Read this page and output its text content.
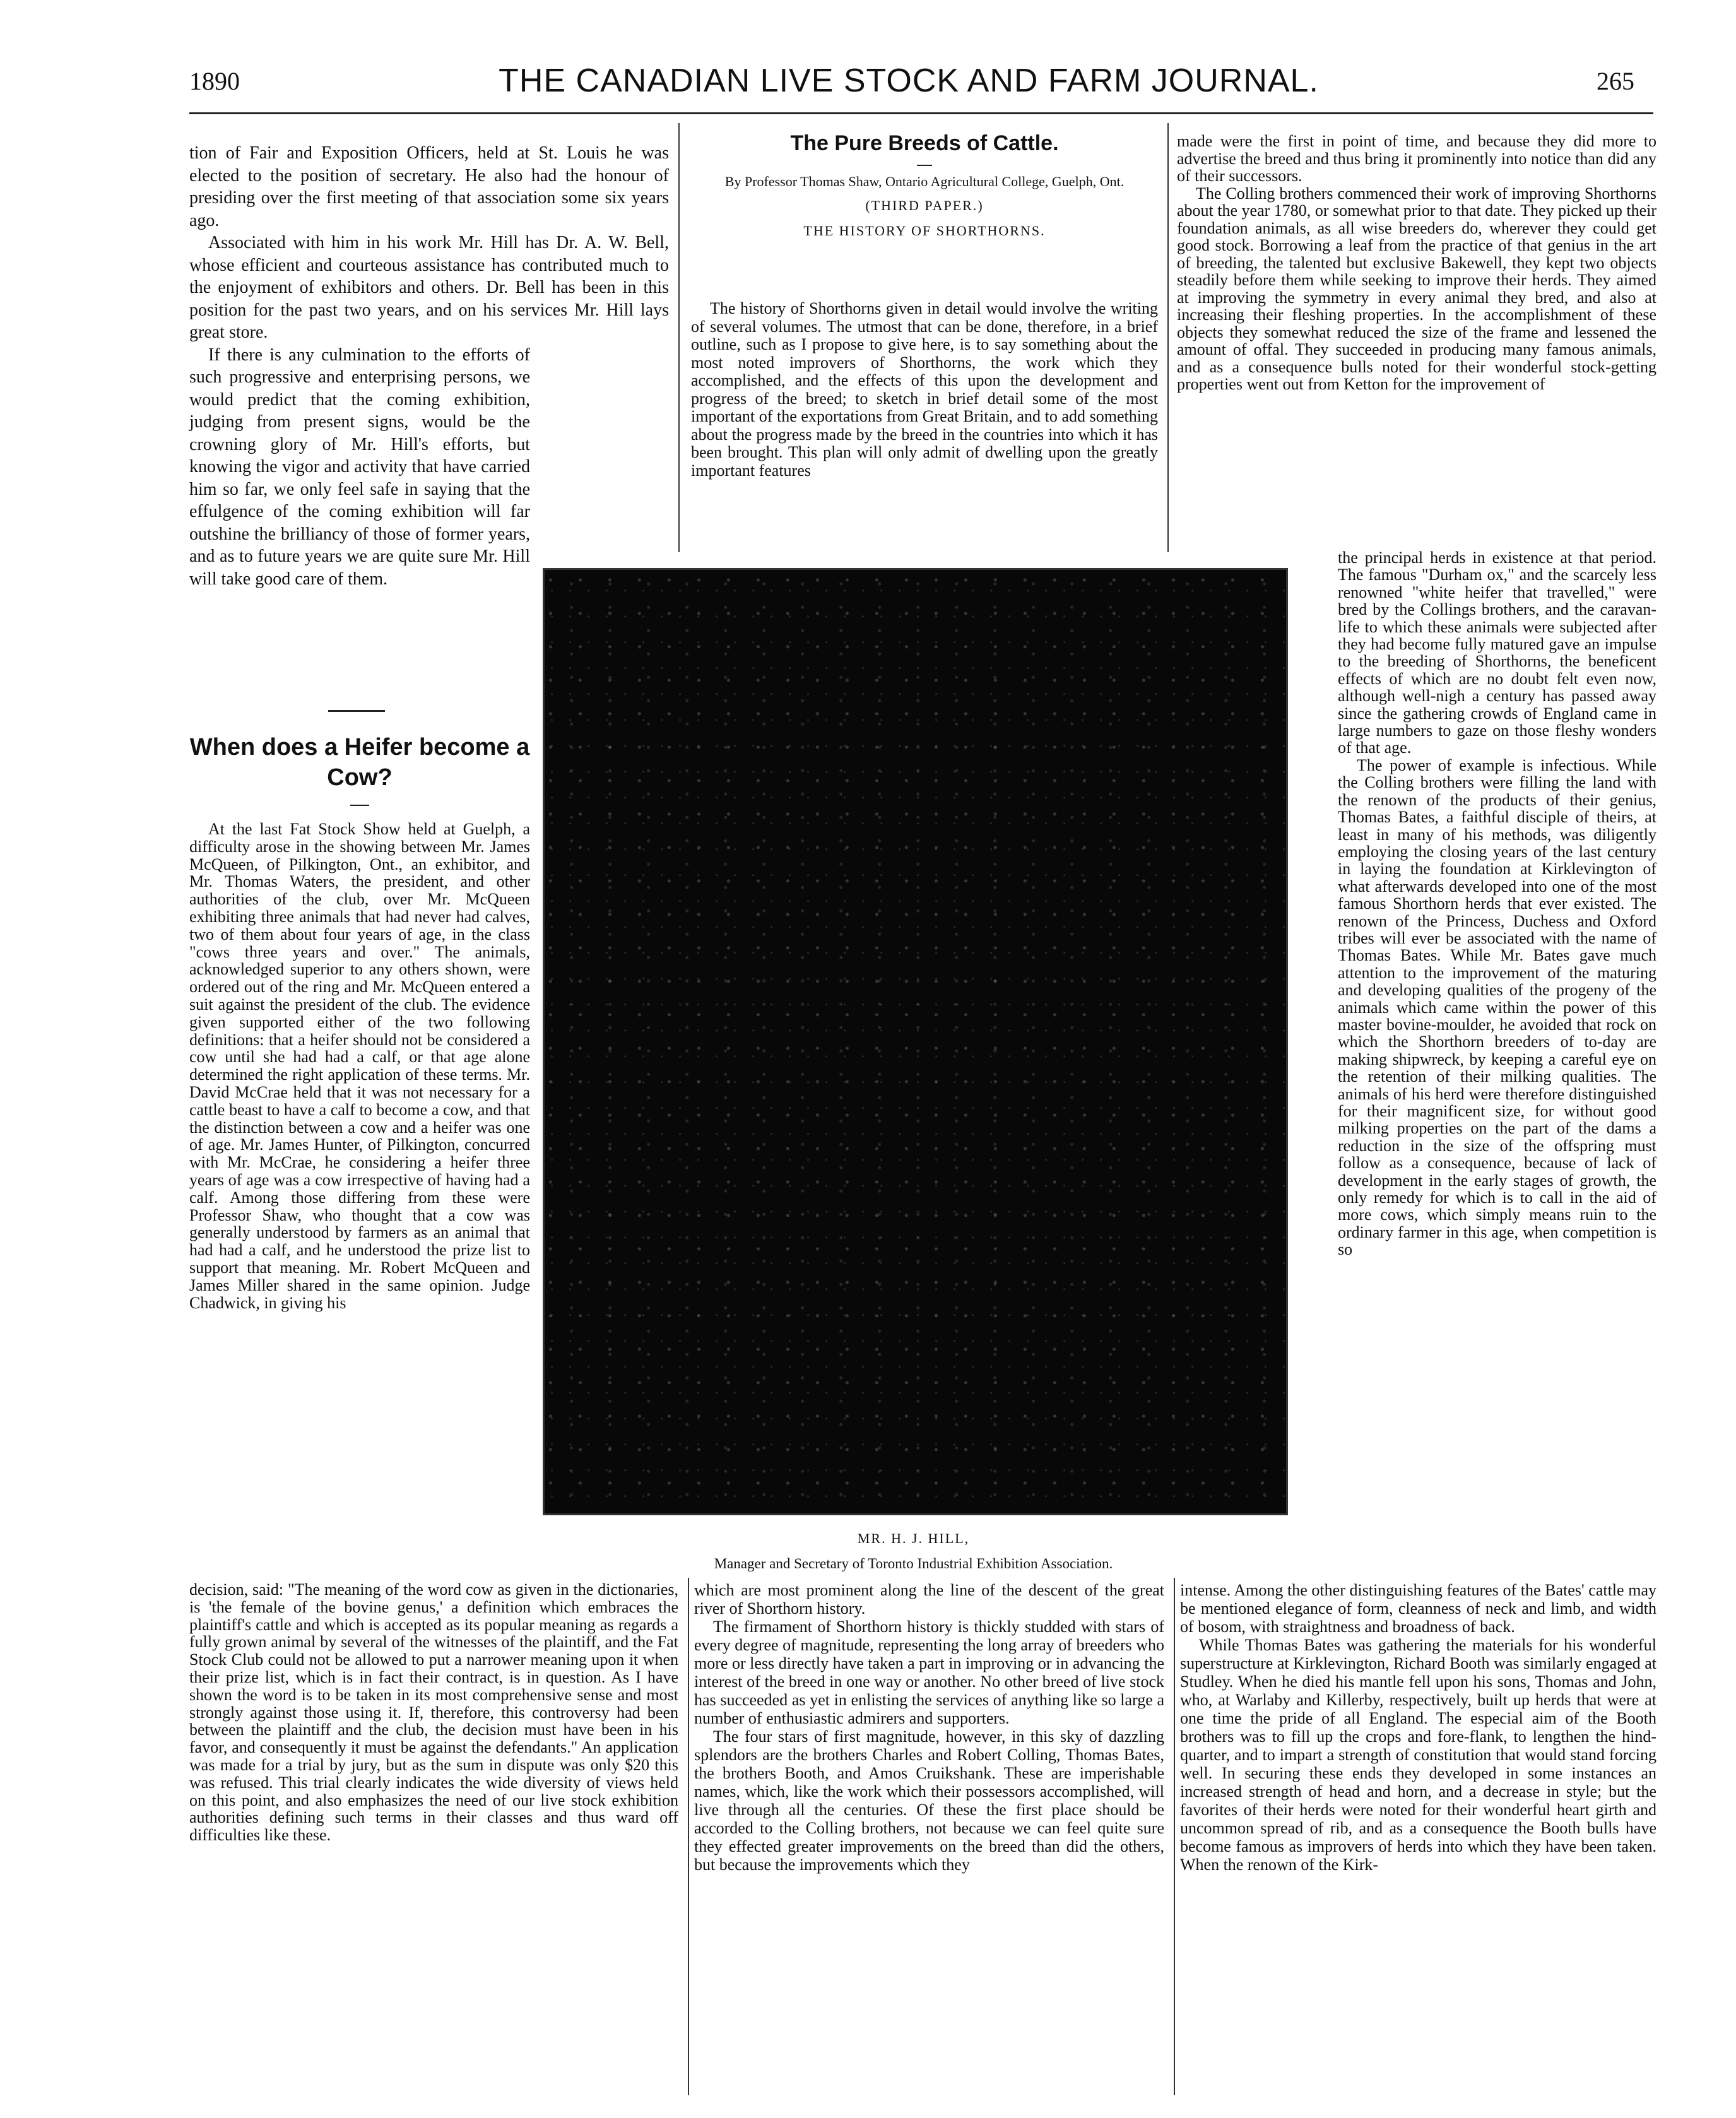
1890	THE CANADIAN LIVE STOCK AND FARM JOURNAL.	265

tion of Fair and Exposition Officers, held at St. Louis he was elected to the position of secretary. He also had the honour of presiding over the first meeting of that association some six years ago.

Associated with him in his work Mr. Hill has Dr. A. W. Bell, whose efficient and courteous assistance has contributed much to the enjoyment of exhibitors and others. Dr. Bell has been in this position for the past two years, and on his services Mr. Hill lays great store.

If there is any culmination to the efforts of such progressive and enterprising persons, we would predict that the coming exhibition, judging from present signs, would be the crowning glory of Mr. Hill's efforts, but knowing the vigor and activity that have carried him so far, we only feel safe in saying that the effulgence of the coming exhibition will far outshine the brilliancy of those of former years, and as to future years we are quite sure Mr. Hill will take good care of them.

When does a Heifer become a Cow?

At the last Fat Stock Show held at Guelph, a difficulty arose in the showing between Mr. James McQueen, of Pilkington, Ont., an exhibitor, and Mr. Thomas Waters, the president, and other authorities of the club, over Mr. McQueen exhibiting three animals that had never had calves, two of them about four years of age, in the class "cows three years and over." The animals, acknowledged superior to any others shown, were ordered out of the ring and Mr. McQueen entered a suit against the president of the club. The evidence given supported either of the two following definitions: that a heifer should not be considered a cow until she had had a calf, or that age alone determined the right application of these terms. Mr. David McCrae held that it was not necessary for a cattle beast to have a calf to become a cow, and that the distinction between a cow and a heifer was one of age. Mr. James Hunter, of Pilkington, concurred with Mr. McCrae, he considering a heifer three years of age was a cow irrespective of having had a calf. Among those differing from these were Professor Shaw, who thought that a cow was generally understood by farmers as an animal that had had a calf, and he understood the prize list to support that meaning. Mr. Robert McQueen and James Miller shared in the same opinion. Judge Chadwick, in giving his

decision, said: "The meaning of the word cow as given in the dictionaries, is 'the female of the bovine genus,' a definition which embraces the plaintiff's cattle and which is accepted as its popular meaning as regards a fully grown animal by several of the witnesses of the plaintiff, and the Fat Stock Club could not be allowed to put a narrower meaning upon it when their prize list, which is in fact their contract, is in question. As I have shown the word is to be taken in its most comprehensive sense and most strongly against those using it. If, therefore, this controversy had been between the plaintiff and the club, the decision must have been in his favor, and consequently it must be against the defendants." An application was made for a trial by jury, but as the sum in dispute was only $20 this was refused. This trial clearly indicates the wide diversity of views held on this point, and also emphasizes the need of our live stock exhibition authorities defining such terms in their classes and thus ward off difficulties like these.

The Pure Breeds of Cattle.
By Professor Thomas Shaw, Ontario Agricultural College, Guelph, Ont.
(THIRD PAPER.)
THE HISTORY OF SHORTHORNS.

The history of Shorthorns given in detail would involve the writing of several volumes. The utmost that can be done, therefore, in a brief outline, such as I propose to give here, is to say something about the most noted improvers of Shorthorns, the work which they accomplished, and the effects of this upon the development and progress of the breed; to sketch in brief detail some of the most important of the exportations from Great Britain, and to add something about the progress made by the breed in the countries into which it has been brought. This plan will only admit of dwelling upon the greatly important features

made were the first in point of time, and because they did more to advertise the breed and thus bring it prominently into notice than did any of their successors.

The Colling brothers commenced their work of improving Shorthorns about the year 1780, or somewhat prior to that date. They picked up their foundation animals, as all wise breeders do, wherever they could get good stock. Borrowing a leaf from the practice of that genius in the art of breeding, the talented but exclusive Bakewell, they kept two objects steadily before them while seeking to improve their herds. They aimed at improving the symmetry in every animal they bred, and also at increasing their fleshing properties. In the accomplishment of these objects they somewhat reduced the size of the frame and lessened the amount of offal. They succeeded in producing many famous animals, and as a consequence bulls noted for their wonderful stock-getting properties went out from Ketton for the improvement of

the principal herds in existence at that period. The famous "Durham ox," and the scarcely less renowned "white heifer that travelled," were bred by the Collings brothers, and the caravan-life to which these animals were subjected after they had become fully matured gave an impulse to the breeding of Shorthorns, the beneficent effects of which are no doubt felt even now, although well-nigh a century has passed away since the gathering crowds of England came in large numbers to gaze on those fleshy wonders of that age.

The power of example is infectious. While the Colling brothers were filling the land with the renown of the products of their genius, Thomas Bates, a faithful disciple of theirs, at least in many of his methods, was diligently employing the closing years of the last century in laying the foundation at Kirklevington of what afterwards developed into one of the most famous Shorthorn herds that ever existed. The renown of the Princess, Duchess and Oxford tribes will ever be associated with the name of Thomas Bates. While Mr. Bates gave much attention to the improvement of the maturing and developing qualities of the progeny of the animals which came within the power of this master bovine-moulder, he avoided that rock on which the Shorthorn breeders of to-day are making shipwreck, by keeping a careful eye on the retention of their milking qualities. The animals of his herd were therefore distinguished for their magnificent size, for without good milking properties on the part of the dams a reduction in the size of the offspring must follow as a consequence, because of lack of development in the early stages of growth, the only remedy for which is to call in the aid of more cows, which simply means ruin to the ordinary farmer in this age, when competition is so

MR. H. J. HILL,
Manager and Secretary of Toronto Industrial Exhibition Association.

which are most prominent along the line of the descent of the great river of Shorthorn history.

The firmament of Shorthorn history is thickly studded with stars of every degree of magnitude, representing the long array of breeders who more or less directly have taken a part in improving or in advancing the interest of the breed in one way or another. No other breed of live stock has succeeded as yet in enlisting the services of anything like so large a number of enthusiastic admirers and supporters.

The four stars of first magnitude, however, in this sky of dazzling splendors are the brothers Charles and Robert Colling, Thomas Bates, the brothers Booth, and Amos Cruikshank. These are imperishable names, which, like the work which their possessors accomplished, will live through all the centuries. Of these the first place should be accorded to the Colling brothers, not because we can feel quite sure they effected greater improvements on the breed than did the others, but because the improvements which they

intense. Among the other distinguishing features of the Bates' cattle may be mentioned elegance of form, cleanness of neck and limb, and width of bosom, with straightness and broadness of back.

While Thomas Bates was gathering the materials for his wonderful superstructure at Kirklevington, Richard Booth was similarly engaged at Studley. When he died his mantle fell upon his sons, Thomas and John, who, at Warlaby and Killerby, respectively, built up herds that were at one time the pride of all England. The especial aim of the Booth brothers was to fill up the crops and fore-flank, to lengthen the hind-quarter, and to impart a strength of constitution that would stand forcing well. In securing these ends they developed in some instances an increased strength of head and horn, and a decrease in style; but the favorites of their herds were noted for their wonderful heart girth and uncommon spread of rib, and as a consequence the Booth bulls have become famous as improvers of herds into which they have been taken. When the renown of the Kirk-
